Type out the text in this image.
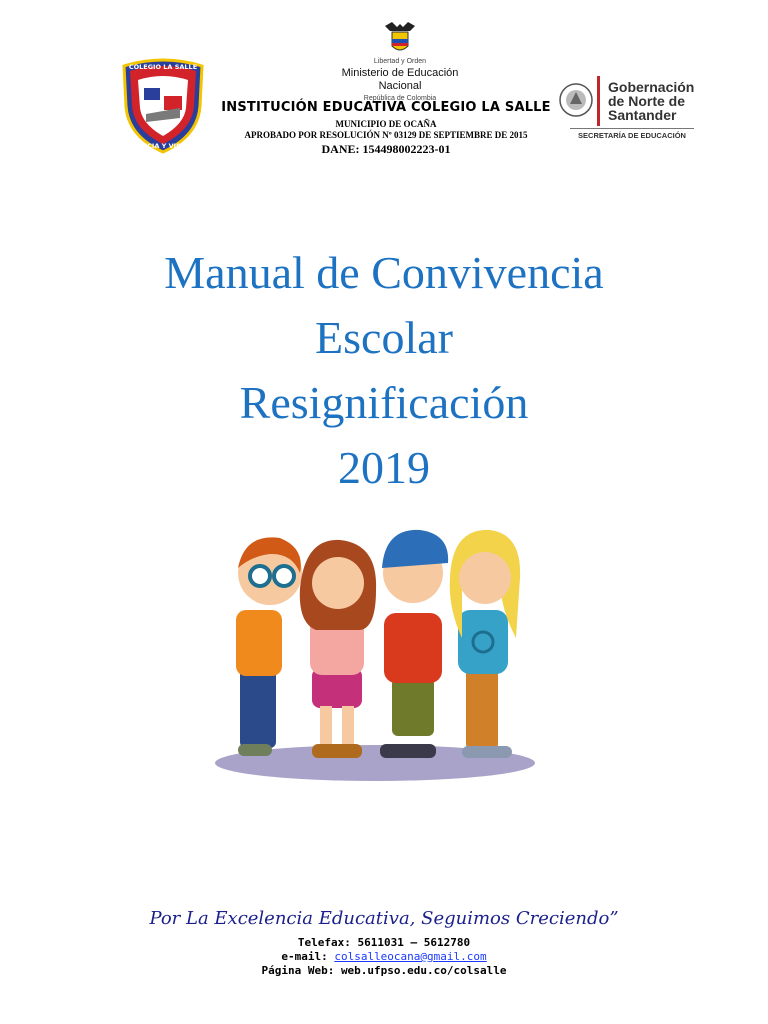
COLEGIO LA SALLE
CIENCIA Y VIRTUD
Libertad y Orden
Ministerio de Educación
Nacional
República de Colombia
INSTITUCIÓN EDUCATIVA COLEGIO LA SALLE
MUNICIPIO DE OCAÑA
APROBADO POR RESOLUCIÓN Nº 03129 DE SEPTIEMBRE DE 2015
DANE: 154498002223-01
Gobernación
de Norte de
Santander
SECRETARÍA DE EDUCACIÓN
Manual de Convivencia
Escolar
Resignificación
2019
Por La Excelencia Educativa, Seguimos Creciendo”
Telefax: 5611031 – 5612780
e-mail: colsalleocana@gmail.com
Página Web: web.ufpso.edu.co/colsalle
